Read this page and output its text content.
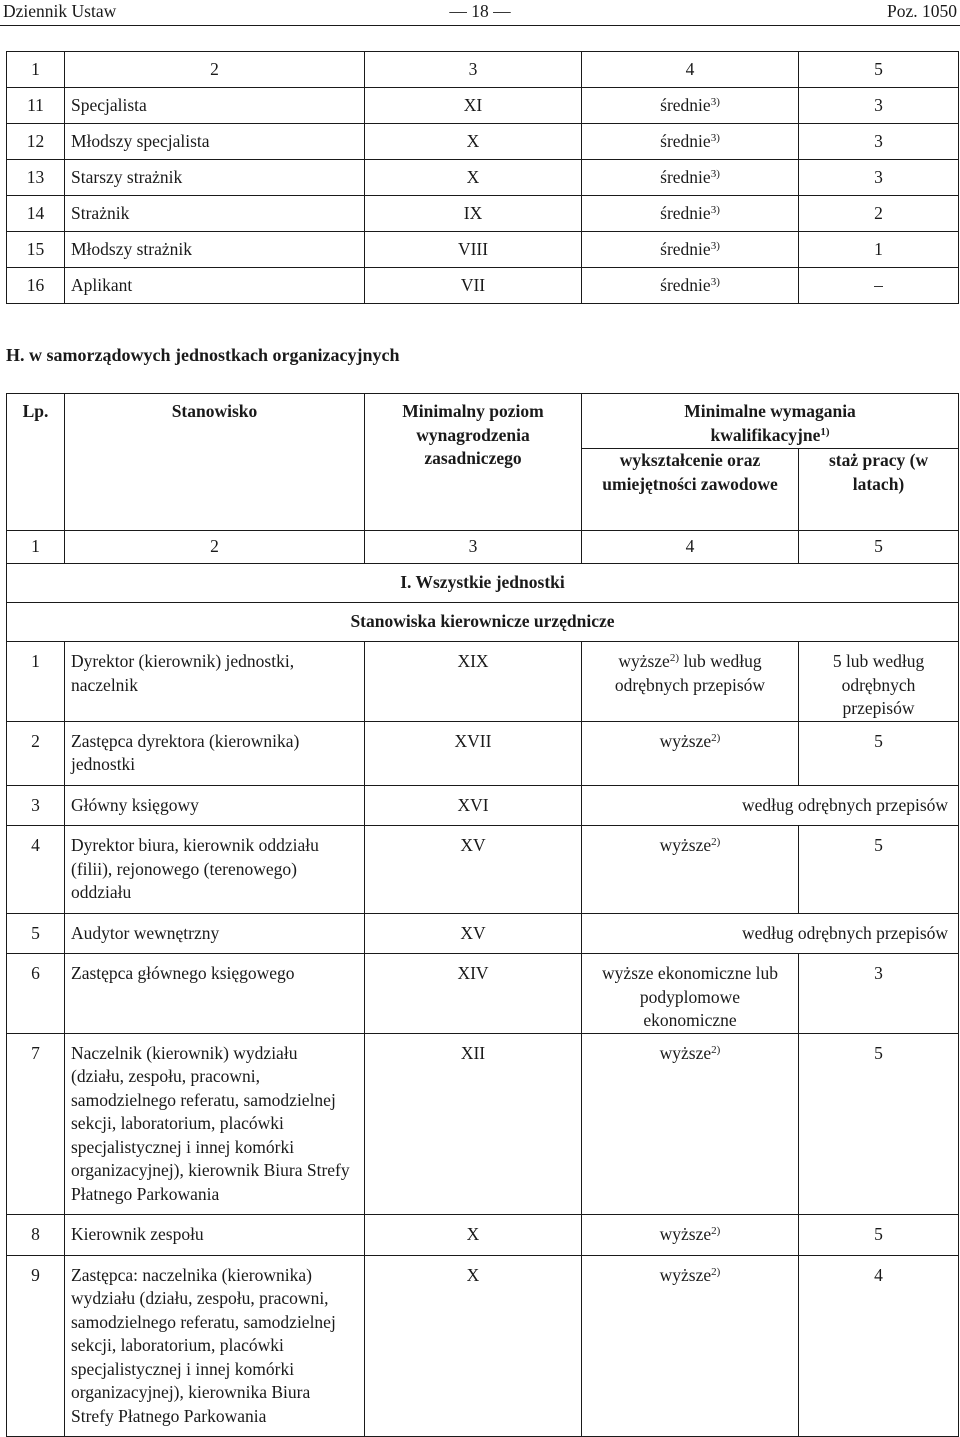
Dziennik Ustaw	— 18 —	Poz. 1050
1	2	3	4	5
11	Specjalista	XI	średnie$^{3)}$	3
12	Młodszy specjalista	X	średnie$^{3)}$	3
13	Starszy strażnik	X	średnie$^{3)}$	3
14	Strażnik	IX	średnie$^{3)}$	2
15	Młodszy strażnik	VIII	średnie$^{3)}$	1
16	Aplikant	VII	średnie$^{3)}$	–
H. w samorządowych jednostkach organizacyjnych
Lp.	Stanowisko	Minimalny poziom wynagrodzenia zasadniczego	Minimalne wymagania kwalifikacyjne$^{1)}$
			wykształcenie oraz umiejętności zawodowe	staż pracy (w latach)
1	2	3	4	5
I. Wszystkie jednostki				
Stanowiska kierownicze urzędnicze				
1	Dyrektor (kierownik) jednostki, naczelnik	XIX	wyższe$^{2)}$ lub według odrębnych przepisów	5 lub według odrębnych przepisów
2	Zastępca dyrektora (kierownika) jednostki	XVII	wyższe$^{2)}$	5
3	Główny księgowy	XVI	według odrębnych przepisów	
4	Dyrektor biura, kierownik oddziału (filii), rejonowego (terenowego) oddziału	XV	wyższe$^{2)}$	5
5	Audytor wewnętrzny	XV	według odrębnych przepisów	
6	Zastępca głównego księgowego	XIV	wyższe ekonomiczne lub podyplomowe ekonomiczne	3
7	Naczelnik (kierownik) wydziału (działu, zespołu, pracowni, samodzielnego referatu, samodzielnej sekcji, laboratorium, placówki specjalistycznej i innej komórki organizacyjnej), kierownik Biura Strefy Płatnego Parkowania	XII	wyższe$^{2)}$	5
8	Kierownik zespołu	X	wyższe$^{2)}$	5
9	Zastępca: naczelnika (kierownika) wydziału (działu, zespołu, pracowni, samodzielnego referatu, samodzielnej sekcji, laboratorium, placówki specjalistycznej i innej komórki organizacyjnej), kierownika Biura Strefy Płatnego Parkowania	X	wyższe$^{2)}$	4
